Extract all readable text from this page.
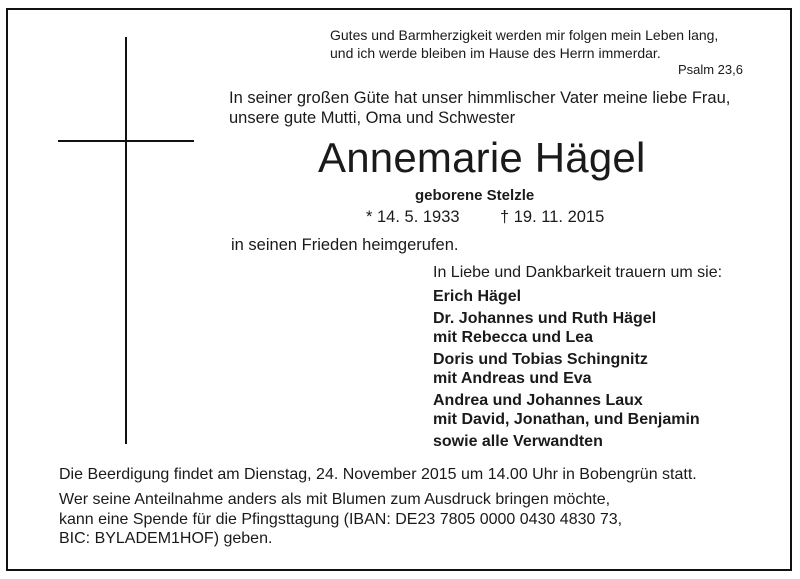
Gutes und Barmherzigkeit werden mir folgen mein Leben lang,
und ich werde bleiben im Hause des Herrn immerdar.
Psalm 23,6
In seiner großen Güte hat unser himmlischer Vater meine liebe Frau,
unsere gute Mutti, Oma und Schwester
Annemarie Hägel
geborene Stelzle
* 14. 5. 1933 † 19. 11. 2015
in seinen Frieden heimgerufen.
In Liebe und Dankbarkeit trauern um sie:
Erich Hägel
Dr. Johannes und Ruth Hägel
mit Rebecca und Lea
Doris und Tobias Schingnitz
mit Andreas und Eva
Andrea und Johannes Laux
mit David, Jonathan, und Benjamin
sowie alle Verwandten
Die Beerdigung findet am Dienstag, 24. November 2015 um 14.00 Uhr in Bobengrün statt.
Wer seine Anteilnahme anders als mit Blumen zum Ausdruck bringen möchte,
kann eine Spende für die Pfingsttagung (IBAN: DE23 7805 0000 0430 4830 73,
BIC: BYLADEM1HOF) geben.
